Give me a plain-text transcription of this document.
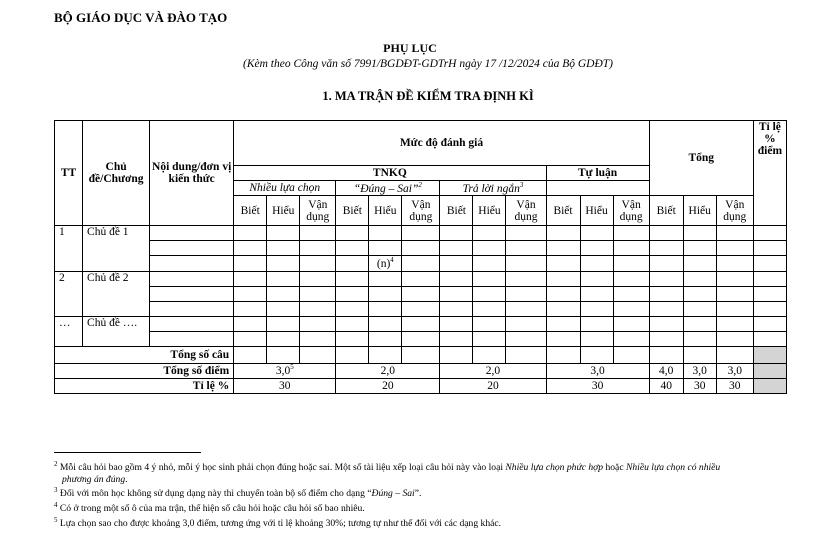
BỘ GIÁO DỤC VÀ ĐÀO TẠO
PHỤ LỤC
(Kèm theo Công văn số 7991/BGDĐT-GDTrH ngày 17 /12/2024 của Bộ GDĐT)
1. MA TRẬN ĐỀ KIỂM TRA ĐỊNH KÌ
TT	Chủ đề/Chương	Nội dung/đơn vị kiến thức	Mức độ đánh giá												Tổng			Tỉ lệ % điểm
			TNKQ									Tự luận						
			Nhiều lựa chọn			“Đúng – Sai”$^2$			Trả lời ngắn$^3$	
			Biết	Hiểu	Vận dụng	Biết	Hiểu	Vận dụng	Biết	Hiểu	Vận dụng	Biết	Hiểu	Vận dụng	Biết	Hiểu	Vận dụng	
1	Chủ đề 1																	

							$(n)^4$											
2	Chủ đề 2																	

…	Chủ đề ….																	

Tổng số câu																		
Tổng số điểm			$3,0^5$			2,0			2,0			3,0			4,0	3,0	3,0	
Tỉ lệ %			30			20			20			30			40	30	30	

$^2$ Mỗi câu hỏi bao gồm 4 ý nhỏ, mỗi ý học sinh phải chọn đúng hoặc sai. Một số tài liệu xếp loại câu hỏi này vào loại Nhiều lựa chọn phức hợp hoặc Nhiều lựa chọn có nhiều

phương án đúng.

$^3$ Đối với môn học không sử dụng dạng này thì chuyển toàn bộ số điểm cho dạng “Đúng – Sai”.

$^4$ Có ở trong một số ô của ma trận, thể hiện số câu hỏi hoặc câu hỏi số bao nhiêu.

$^5$ Lựa chọn sao cho được khoảng 3,0 điểm, tương ứng với tỉ lệ khoảng 30%; tương tự như thế đối với các dạng khác.
